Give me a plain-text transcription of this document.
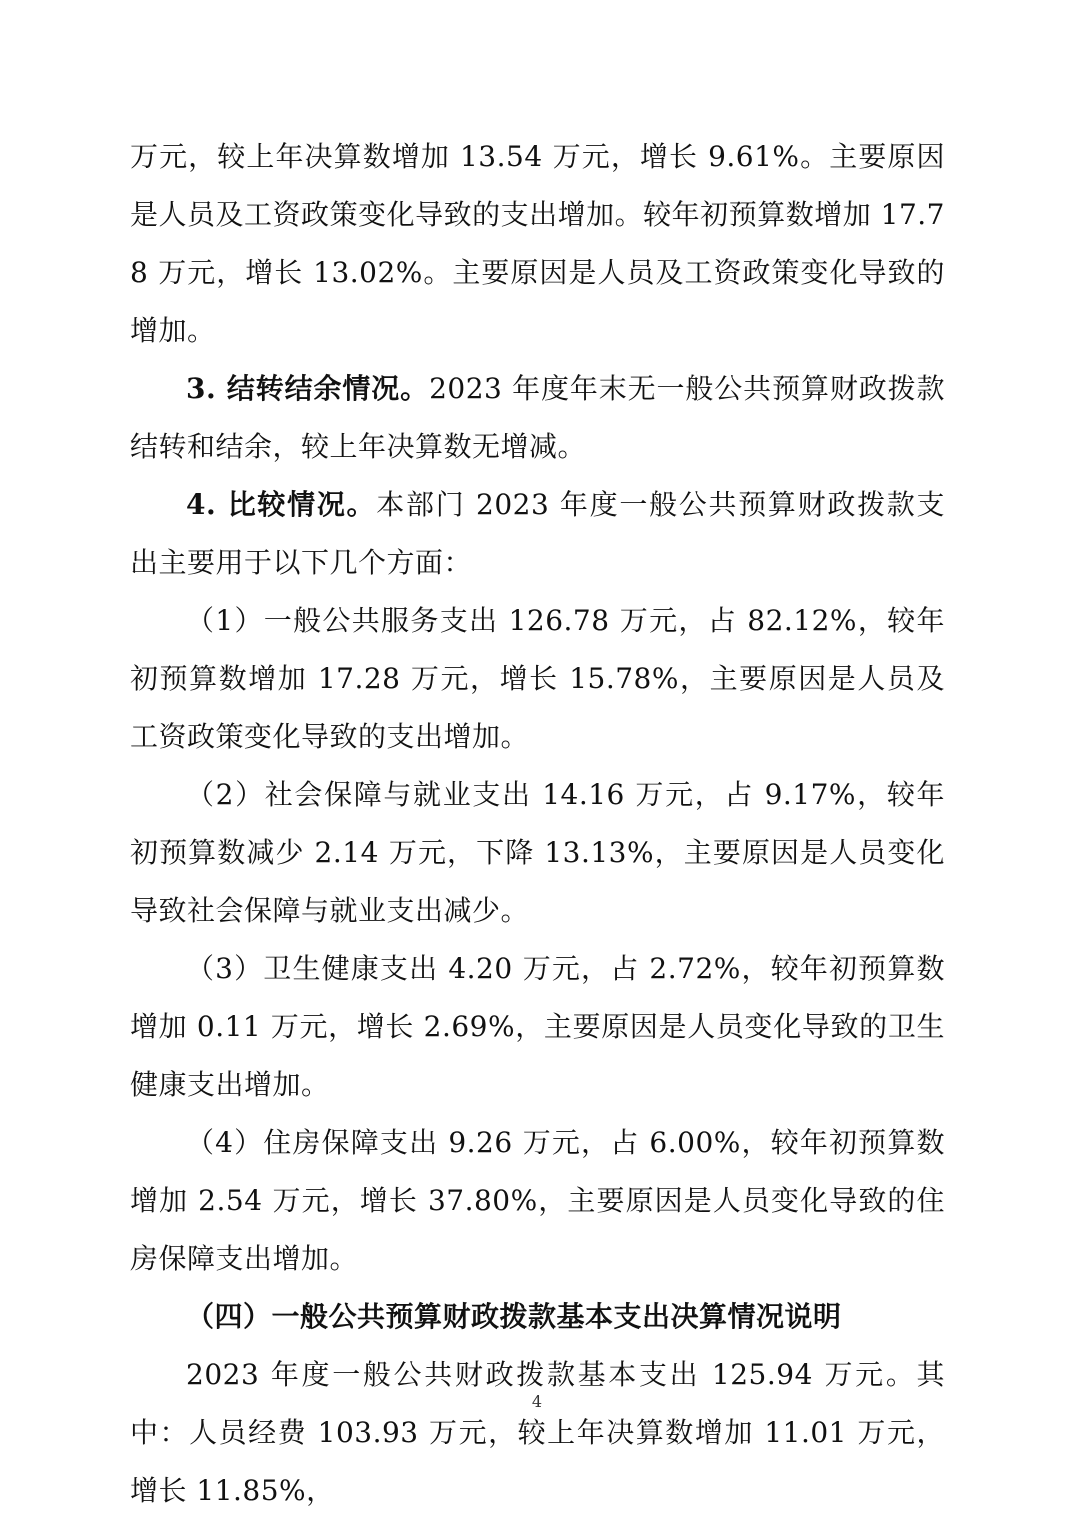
万元，较上年决算数增加 13.54 万元，增长 9.61%。主要原因是人员及工资政策变化导致的支出增加。较年初预算数增加 17.78 万元，增长 13.02%。主要原因是人员及工资政策变化导致的增加。

3. 结转结余情况。2023 年度年末无一般公共预算财政拨款结转和结余，较上年决算数无增减。

4. 比较情况。本部门 2023 年度一般公共预算财政拨款支出主要用于以下几个方面：

（1）一般公共服务支出 126.78 万元，占 82.12%，较年初预算数增加 17.28 万元，增长 15.78%，主要原因是人员及工资政策变化导致的支出增加。

（2）社会保障与就业支出 14.16 万元，占 9.17%，较年初预算数减少 2.14 万元，下降 13.13%，主要原因是人员变化导致社会保障与就业支出减少。

（3）卫生健康支出 4.20 万元，占 2.72%，较年初预算数增加 0.11 万元，增长 2.69%，主要原因是人员变化导致的卫生健康支出增加。

（4）住房保障支出 9.26 万元，占 6.00%，较年初预算数增加 2.54 万元，增长 37.80%，主要原因是人员变化导致的住房保障支出增加。

（四）一般公共预算财政拨款基本支出决算情况说明

2023 年度一般公共财政拨款基本支出 125.94 万元。其中：人员经费 103.93 万元，较上年决算数增加 11.01 万元，增长 11.85%，

4
